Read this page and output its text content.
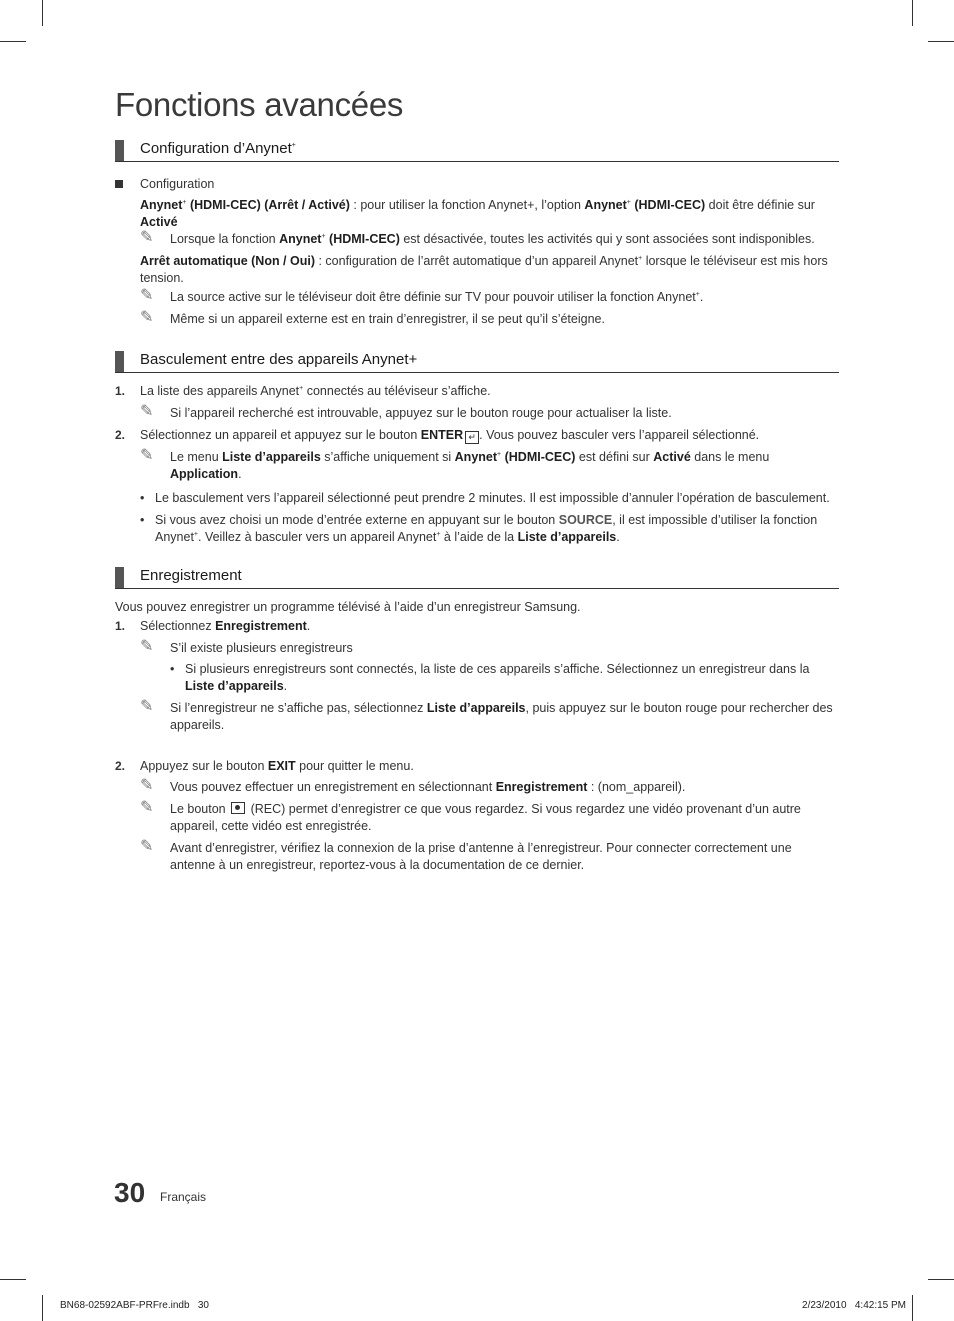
Fonctions avancées
Configuration d’Anynet+
Configuration
Anynet+ (HDMI-CEC) (Arrêt / Activé) : pour utiliser la fonction Anynet+, l’option Anynet+ (HDMI-CEC) doit être définie sur Activé
✎ Lorsque la fonction Anynet+ (HDMI-CEC) est désactivée, toutes les activités qui y sont associées sont indisponibles.
Arrêt automatique (Non / Oui) : configuration de l’arrêt automatique d’un appareil Anynet+ lorsque le téléviseur est mis hors tension.
✎ La source active sur le téléviseur doit être définie sur TV pour pouvoir utiliser la fonction Anynet+.
✎ Même si un appareil externe est en train d’enregistrer, il se peut qu’il s’éteigne.
Basculement entre des appareils Anynet+
1. La liste des appareils Anynet+ connectés au téléviseur s’affiche.
✎ Si l’appareil recherché est introuvable, appuyez sur le bouton rouge pour actualiser la liste.
2. Sélectionnez un appareil et appuyez sur le bouton ENTER ↵ . Vous pouvez basculer vers l’appareil sélectionné.
✎ Le menu Liste d’appareils s’affiche uniquement si Anynet+ (HDMI-CEC) est défini sur Activé dans le menu Application.
• Le basculement vers l’appareil sélectionné peut prendre 2 minutes. Il est impossible d’annuler l’opération de basculement.
• Si vous avez choisi un mode d’entrée externe en appuyant sur le bouton SOURCE, il est impossible d’utiliser la fonction Anynet+. Veillez à basculer vers un appareil Anynet+ à l’aide de la Liste d’appareils.
Enregistrement
Vous pouvez enregistrer un programme télévisé à l’aide d’un enregistreur Samsung.
1. Sélectionnez Enregistrement.
✎ S’il existe plusieurs enregistreurs
• Si plusieurs enregistreurs sont connectés, la liste de ces appareils s’affiche. Sélectionnez un enregistreur dans la Liste d’appareils.
✎ Si l’enregistreur ne s’affiche pas, sélectionnez Liste d’appareils, puis appuyez sur le bouton rouge pour rechercher des appareils.
2. Appuyez sur le bouton EXIT pour quitter le menu.
✎ Vous pouvez effectuer un enregistrement en sélectionnant Enregistrement : (nom_appareil).
✎ Le bouton  (REC) permet d’enregistrer ce que vous regardez. Si vous regardez une vidéo provenant d’un autre appareil, cette vidéo est enregistrée.
✎ Avant d’enregistrer, vérifiez la connexion de la prise d’antenne à l’enregistreur. Pour connecter correctement une antenne à un enregistreur, reportez-vous à la documentation de ce dernier.
30 Français
BN68-02592ABF-PRFre.indb   30	2/23/2010   4:42:15 PM
